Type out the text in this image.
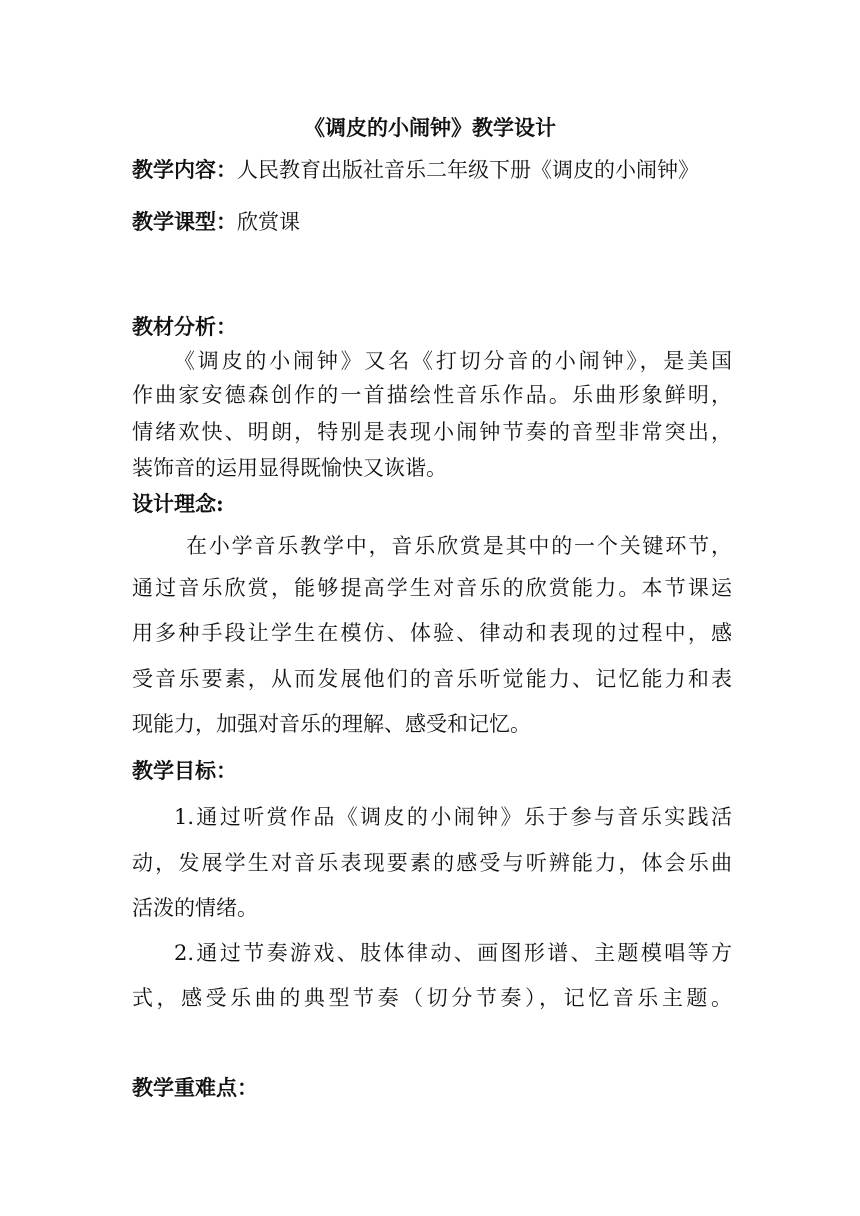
《调皮的小闹钟》教学设计
教学内容：人民教育出版社音乐二年级下册《调皮的小闹钟》
教学课型：欣赏课
教材分析：
《调皮的小闹钟》又名《打切分音的小闹钟》，是美国
作曲家安德森创作的一首描绘性音乐作品。乐曲形象鲜明，
情绪欢快、明朗，特别是表现小闹钟节奏的音型非常突出，
装饰音的运用显得既愉快又诙谐。
设计理念:
在小学音乐教学中，音乐欣赏是其中的一个关键环节，
通过音乐欣赏，能够提高学生对音乐的欣赏能力。本节课运
用多种手段让学生在模仿、体验、律动和表现的过程中，感
受音乐要素，从而发展他们的音乐听觉能力、记忆能力和表
现能力，加强对音乐的理解、感受和记忆。
教学目标：
1.通过听赏作品《调皮的小闹钟》乐于参与音乐实践活
动，发展学生对音乐表现要素的感受与听辨能力，体会乐曲
活泼的情绪。
2.通过节奏游戏、肢体律动、画图形谱、主题模唱等方
式，感受乐曲的典型节奏（切分节奏），记忆音乐主题。
教学重难点：
